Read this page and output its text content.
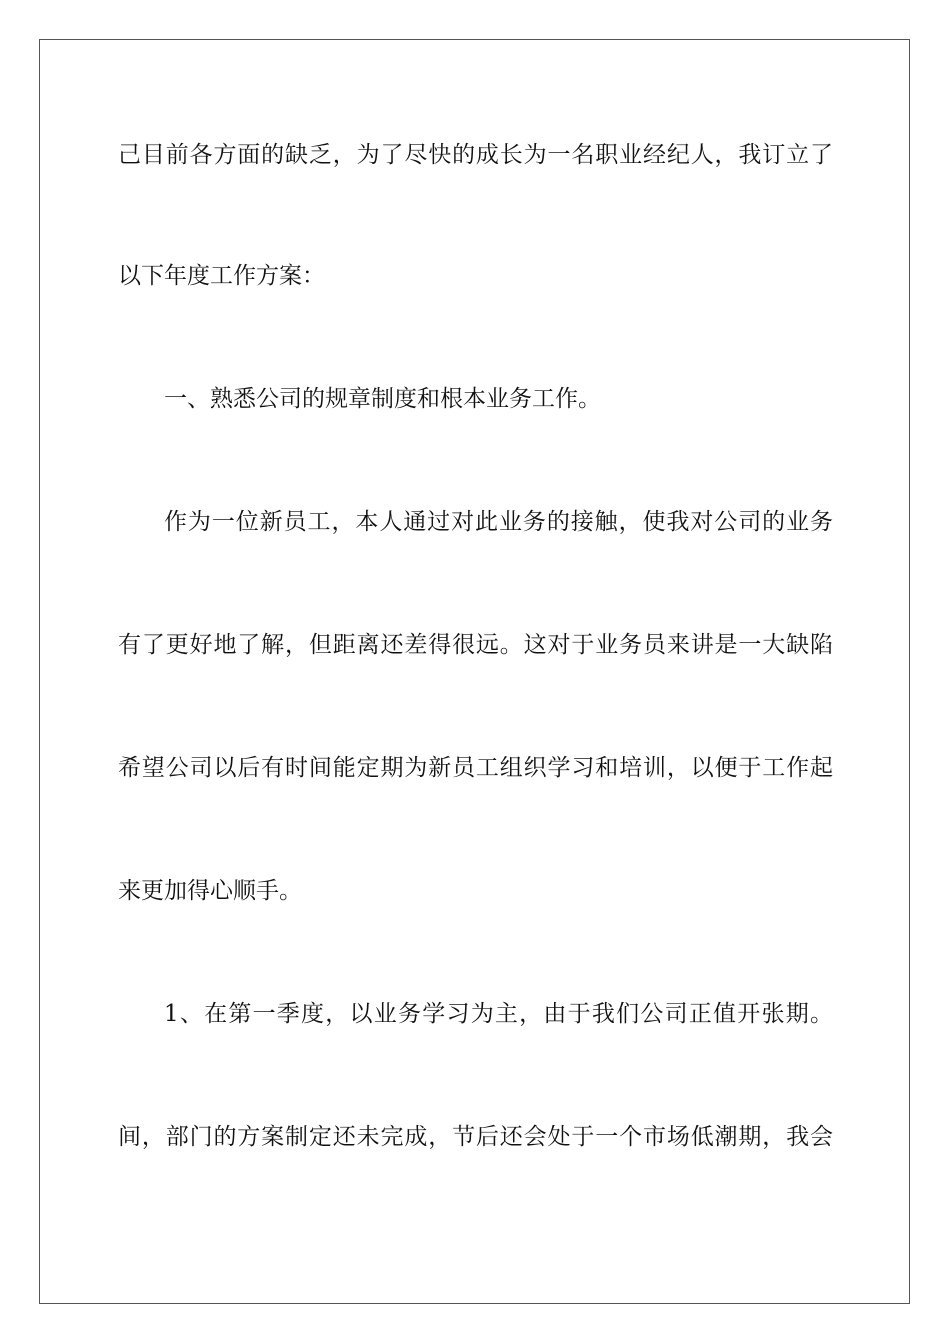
己目前各方面的缺乏，为了尽快的成长为一名职业经纪人，我订立了
以下年度工作方案：
一、熟悉公司的规章制度和根本业务工作。
作为一位新员工，本人通过对此业务的接触，使我对公司的业务
有了更好地了解，但距离还差得很远。这对于业务员来讲是一大缺陷
希望公司以后有时间能定期为新员工组织学习和培训，以便于工作起
来更加得心顺手。
1、在第一季度，以业务学习为主，由于我们公司正值开张期。
间，部门的方案制定还未完成，节后还会处于一个市场低潮期，我会
